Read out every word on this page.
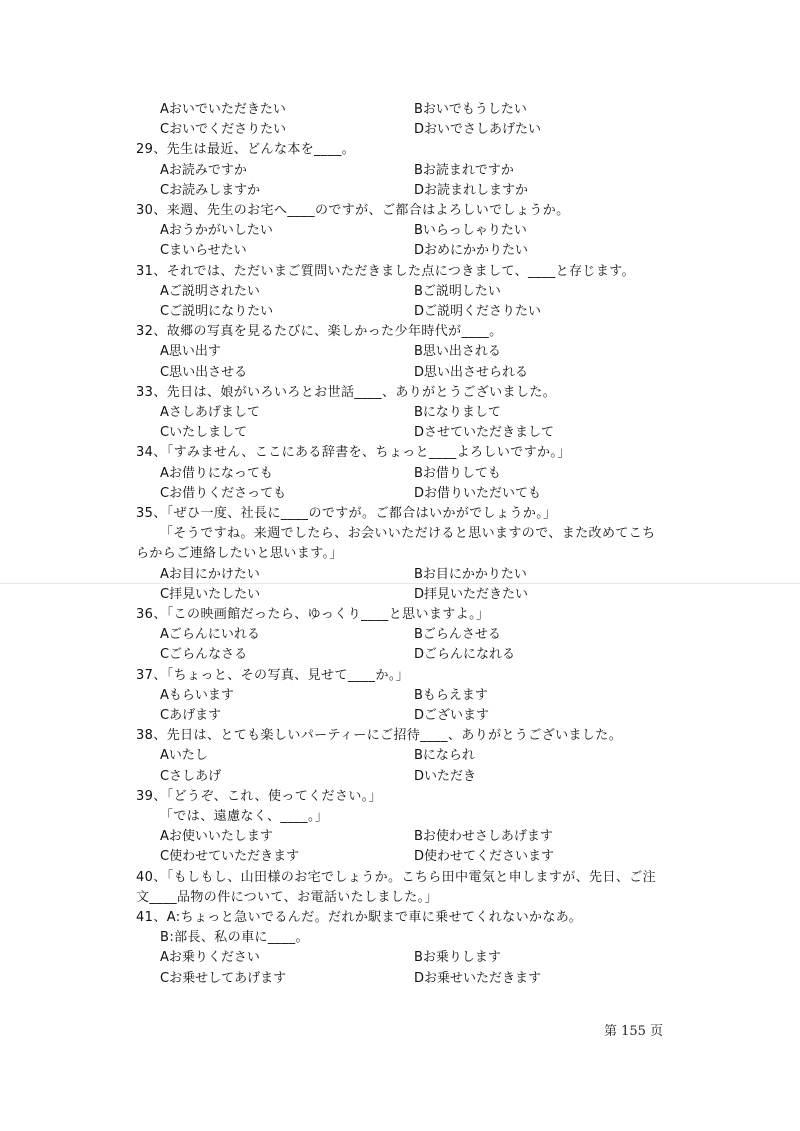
Aおいでいただきたい	Bおいでもうしたい
Cおいでくださりたい	Dおいでさしあげたい
29、先生は最近、どんな本を____。
Aお読みですか	Bお読まれですか
Cお読みしますか	Dお読まれしますか
30、来週、先生のお宅へ____のですが、ご都合はよろしいでしょうか。
Aおうかがいしたい	Bいらっしゃりたい
Cまいらせたい	Dおめにかかりたい
31、それでは、ただいまご質問いただきました点につきまして、____と存じます。
Aご説明されたい	Bご説明したい
Cご説明になりたい	Dご説明くださりたい
32、故郷の写真を見るたびに、楽しかった少年時代が____。
A思い出す	B思い出される
C思い出させる	D思い出させられる
33、先日は、娘がいろいろとお世話____、ありがとうございました。
Aさしあげまして	Bになりまして
Cいたしまして	Dさせていただきまして
34、「すみません、ここにある辞書を、ちょっと____よろしいですか。」
Aお借りになっても	Bお借りしても
Cお借りくださっても	Dお借りいただいても
35、「ぜひ一度、社長に____のですが。ご都合はいかがでしょうか。」
「そうですね。来週でしたら、お会いいただけると思いますので、また改めてこち
らからご連絡したいと思います。」
Aお目にかけたい	Bお目にかかりたい
C拝見いたしたい	D拝見いただきたい
36、「この映画館だったら、ゆっくり____と思いますよ。」
Aごらんにいれる	Bごらんさせる
Cごらんなさる	Dごらんになれる
37、「ちょっと、その写真、見せて____か。」
Aもらいます	Bもらえます
Cあげます	Dございます
38、先日は、とても楽しいパーティーにご招待____、ありがとうございました。
Aいたし	Bになられ
Cさしあげ	Dいただき
39、「どうぞ、これ、使ってください。」
「では、遠慮なく、____。」
Aお使いいたします	Bお使わせさしあげます
C使わせていただきます	D使わせてくださいます
40、「もしもし、山田様のお宅でしょうか。こちら田中電気と申しますが、先日、ご注
文____品物の件について、お電話いたしました。」
41、A:ちょっと急いでるんだ。だれか駅まで車に乗せてくれないかなあ。
B:部長、私の車に____。
Aお乗りください	Bお乗りします
Cお乗せしてあげます	Dお乗せいただきます
第 155 页
